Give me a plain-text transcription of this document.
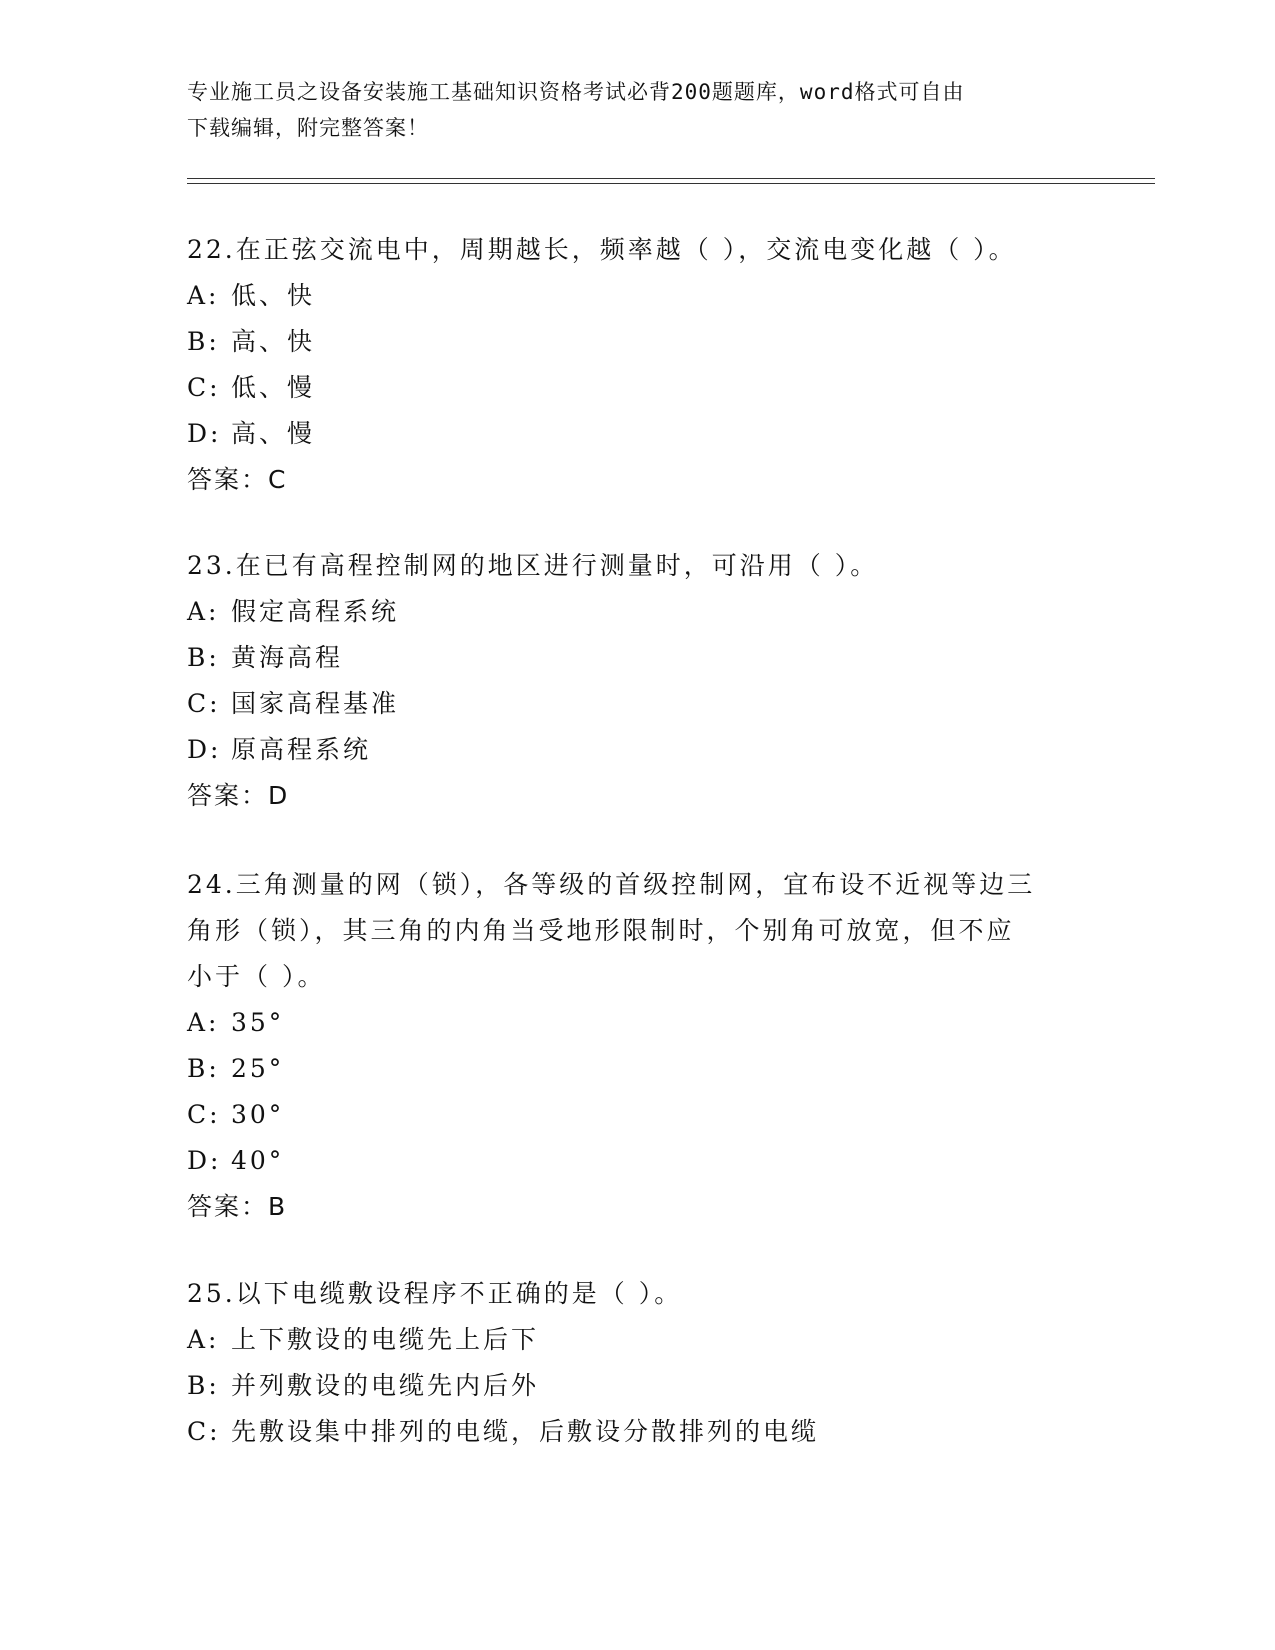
专业施工员之设备安装施工基础知识资格考试必背200题题库，word格式可自由
下载编辑，附完整答案！
22.在正弦交流电中，周期越长，频率越（ ），交流电变化越（ ）。
A: 低、快
B: 高、快
C: 低、慢
D: 高、慢
答案：C
23.在已有高程控制网的地区进行测量时，可沿用（ ）。
A: 假定高程系统
B: 黄海高程
C: 国家高程基准
D: 原高程系统
答案：D
24.三角测量的网（锁），各等级的首级控制网，宜布设不近视等边三
角形（锁），其三角的内角当受地形限制时，个别角可放宽，但不应
小于（ ）。
A: 35°
B: 25°
C: 30°
D: 40°
答案：B
25.以下电缆敷设程序不正确的是（ ）。
A: 上下敷设的电缆先上后下
B: 并列敷设的电缆先内后外
C: 先敷设集中排列的电缆，后敷设分散排列的电缆
